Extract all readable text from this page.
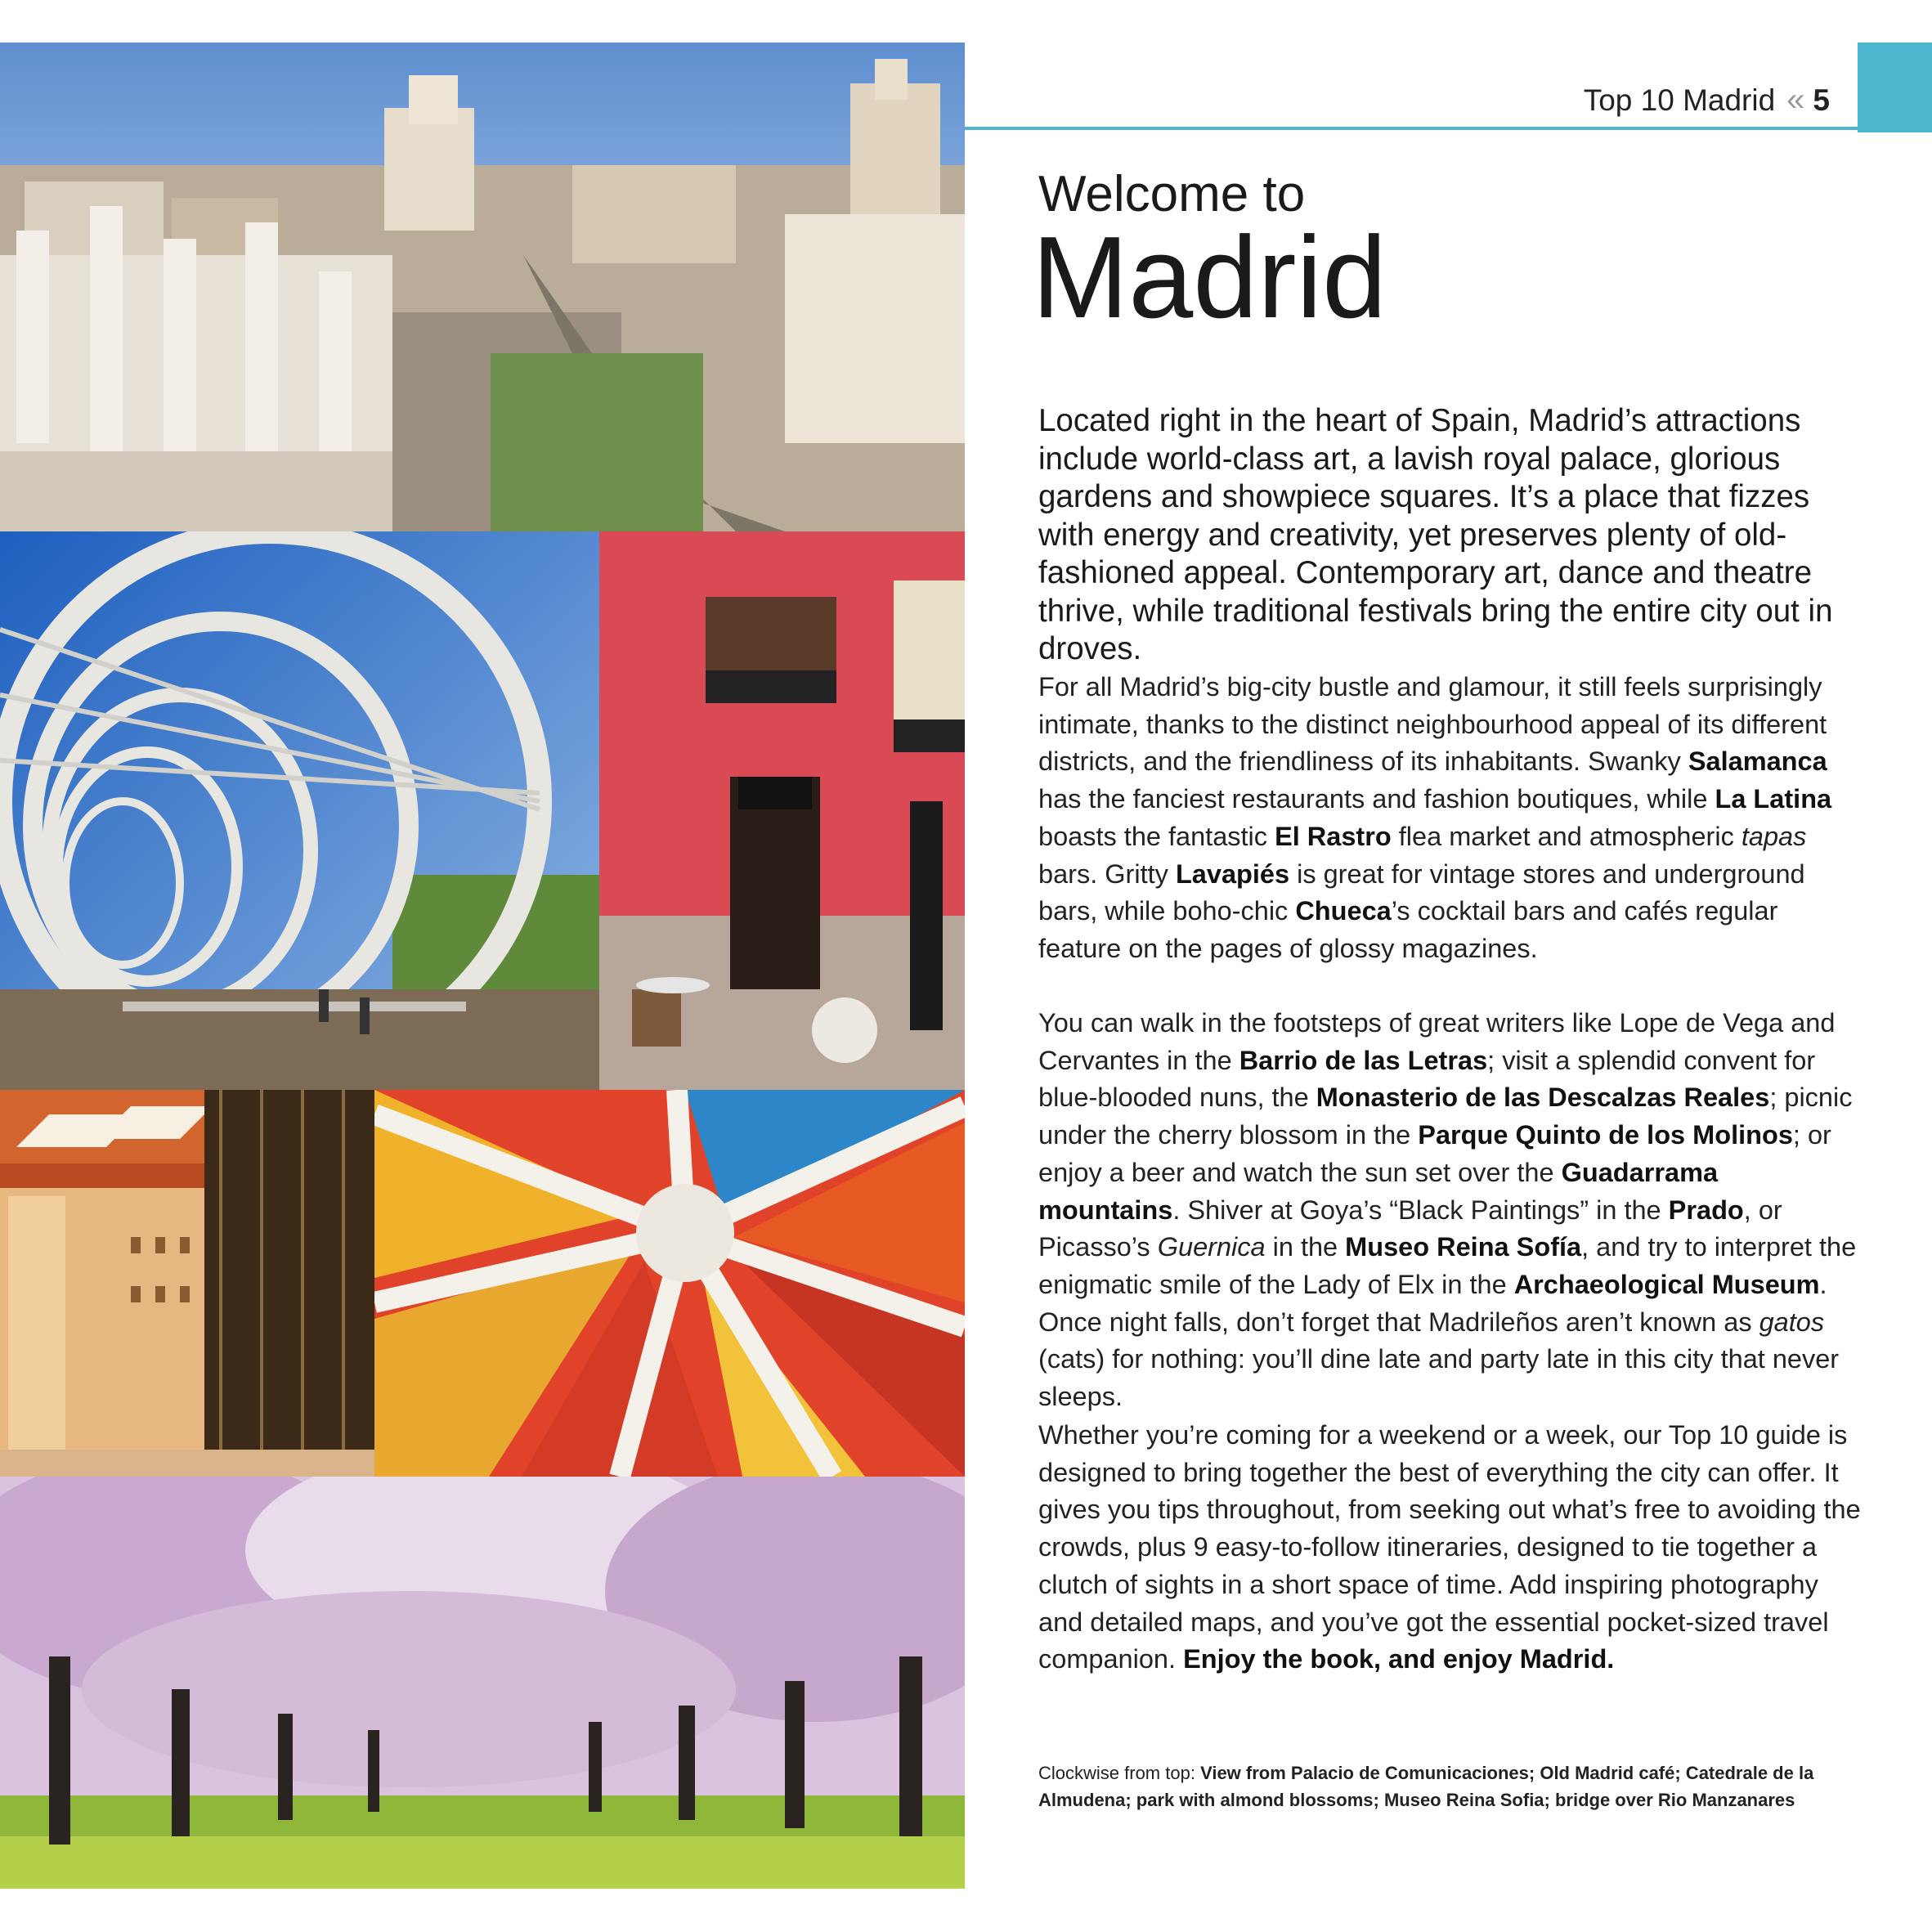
Top 10 Madrid « 5
Welcome to
Madrid

Located right in the heart of Spain, Madrid’s attractions include world-class art, a lavish royal palace, glorious gardens and showpiece squares. It’s a place that fizzes with energy and creativity, yet preserves plenty of old-fashioned appeal. Contemporary art, dance and theatre thrive, while traditional festivals bring the entire city out in droves.

For all Madrid’s big-city bustle and glamour, it still feels surprisingly intimate, thanks to the distinct neighbourhood appeal of its different districts, and the friendliness of its inhabitants. Swanky Salamanca has the fanciest restaurants and fashion boutiques, while La Latina boasts the fantastic El Rastro flea market and atmospheric tapas bars. Gritty Lavapiés is great for vintage stores and underground bars, while boho-chic Chueca’s cocktail bars and cafés regular feature on the pages of glossy magazines.

You can walk in the footsteps of great writers like Lope de Vega and Cervantes in the Barrio de las Letras; visit a splendid convent for blue-blooded nuns, the Monasterio de las Descalzas Reales; picnic under the cherry blossom in the Parque Quinto de los Molinos; or enjoy a beer and watch the sun set over the Guadarrama mountains. Shiver at Goya’s “Black Paintings” in the Prado, or Picasso’s Guernica in the Museo Reina Sofía, and try to interpret the enigmatic smile of the Lady of Elx in the Archaeological Museum. Once night falls, don’t forget that Madrileños aren’t known as gatos (cats) for nothing: you’ll dine late and party late in this city that never sleeps.

Whether you’re coming for a weekend or a week, our Top 10 guide is designed to bring together the best of everything the city can offer. It gives you tips throughout, from seeking out what’s free to avoiding the crowds, plus 9 easy-to-follow itineraries, designed to tie together a clutch of sights in a short space of time. Add inspiring photography and detailed maps, and you’ve got the essential pocket-sized travel companion. Enjoy the book, and enjoy Madrid.

Clockwise from top: View from Palacio de Comunicaciones; Old Madrid café; Catedrale de la Almudena; park with almond blossoms; Museo Reina Sofia; bridge over Rio Manzanares
